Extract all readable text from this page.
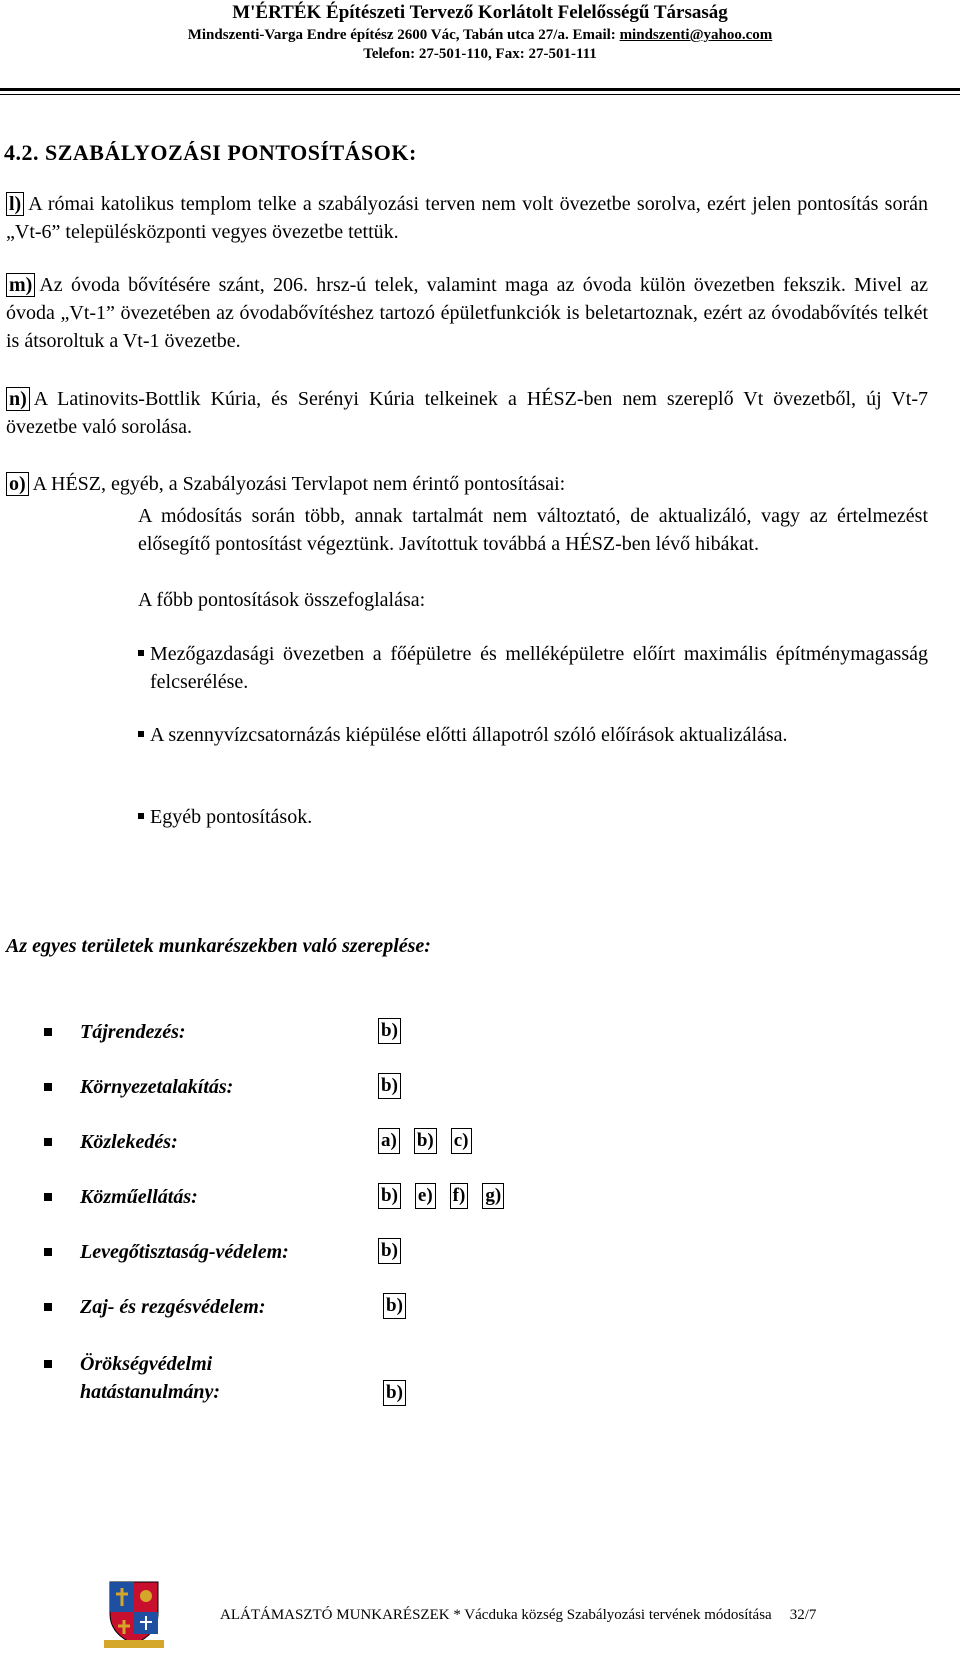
M'ÉRTÉK Építészeti Tervező Korlátolt Felelősségű Társaság
Mindszenti-Varga Endre építész 2600 Vác, Tabán utca 27/a. Email: mindszenti@yahoo.com
Telefon: 27-501-110, Fax: 27-501-111
4.2. SZABÁLYOZÁSI PONTOSÍTÁSOK:
l) A római katolikus templom telke a szabályozási terven nem volt övezetbe sorolva, ezért jelen pontosítás során „Vt-6” településközponti vegyes övezetbe tettük.
m) Az óvoda bővítésére szánt, 206. hrsz-ú telek, valamint maga az óvoda külön övezetben fekszik. Mivel az óvoda „Vt-1” övezetében az óvodabővítéshez tartozó épületfunkciók is beletartoznak, ezért az óvodabővítés telkét is átsoroltuk a Vt-1 övezetbe.
n) A Latinovits-Bottlik Kúria, és Serényi Kúria telkeinek a HÉSZ-ben nem szereplő Vt övezetből, új Vt-7 övezetbe való sorolása.
o) A HÉSZ, egyéb, a Szabályozási Tervlapot nem érintő pontosításai:
A módosítás során több, annak tartalmát nem változtató, de aktualizáló, vagy az értelmezést elősegítő pontosítást végeztünk. Javítottuk továbbá a HÉSZ-ben lévő hibákat.
A főbb pontosítások összefoglalása:
Mezőgazdasági övezetben a főépületre és melléképületre előírt maximális építménymagasság felcserélése.
A szennyvízcsatornázás kiépülése előtti állapotról szóló előírások aktualizálása.
Egyéb pontosítások.
Az egyes területek munkarészekben való szereplése:
Tájrendezés:	b)
Környezetalakítás:	b)
Közlekedés:	a) b) c)
Közműellátás:	b) e) f) g)
Levegőtisztaság-védelem:	b)
Zaj- és rezgésvédelem:	b)
Örökségvédelmi hatástanulmány:	b)
ALÁTÁMASZTÓ MUNKARÉSZEK * Vácduka község Szabályozási tervének módosítása 32/7
